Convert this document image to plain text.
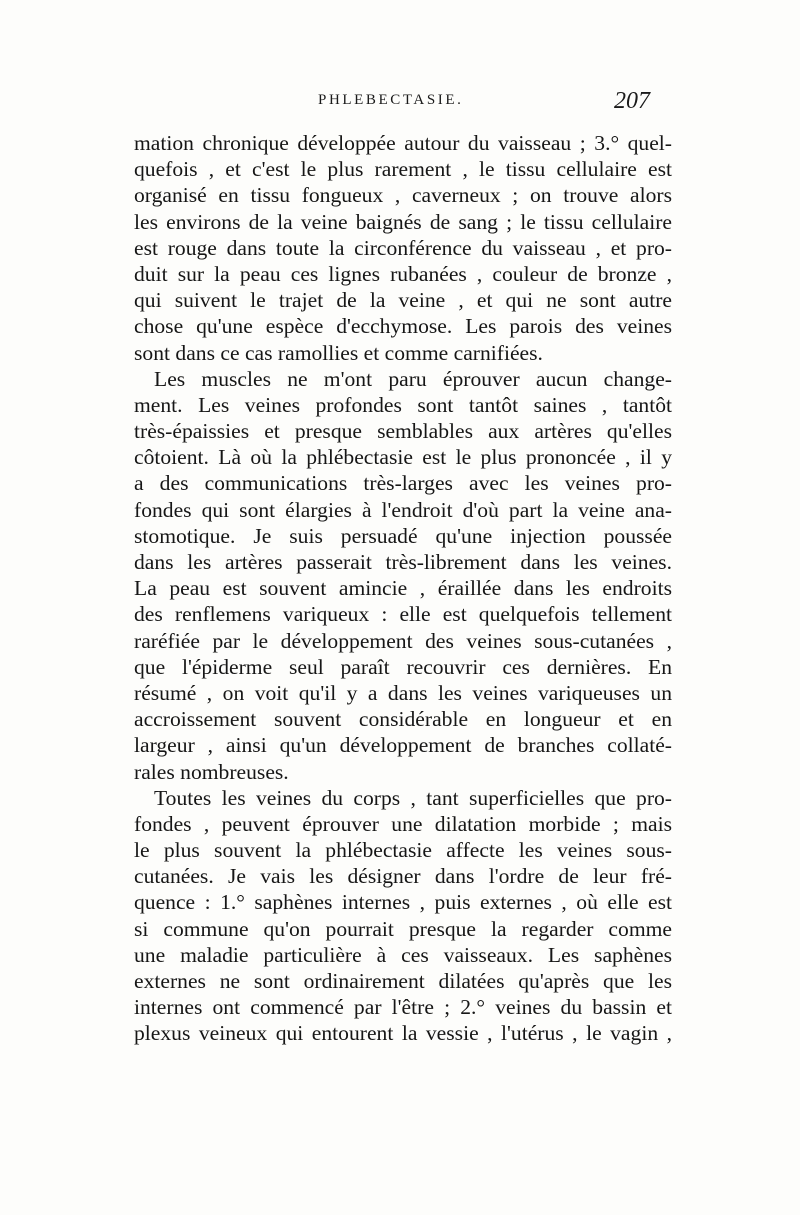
PHLEBECTASIE.	207
mation chronique développée autour du vaisseau ; 3.° quel-
quefois , et c'est le plus rarement , le tissu cellulaire est
organisé en tissu fongueux , caverneux ; on trouve alors
les environs de la veine baignés de sang ; le tissu cellulaire
est rouge dans toute la circonférence du vaisseau , et pro-
duit sur la peau ces lignes rubanées , couleur de bronze ,
qui suivent le trajet de la veine , et qui ne sont autre
chose qu'une espèce d'ecchymose. Les parois des veines
sont dans ce cas ramollies et comme carnifiées.
Les muscles ne m'ont paru éprouver aucun change-
ment. Les veines profondes sont tantôt saines , tantôt
très-épaissies et presque semblables aux artères qu'elles
côtoient. Là où la phlébectasie est le plus prononcée , il y
a des communications très-larges avec les veines pro-
fondes qui sont élargies à l'endroit d'où part la veine ana-
stomotique. Je suis persuadé qu'une injection poussée
dans les artères passerait très-librement dans les veines.
La peau est souvent amincie , éraillée dans les endroits
des renflemens variqueux : elle est quelquefois tellement
raréfiée par le développement des veines sous-cutanées ,
que l'épiderme seul paraît recouvrir ces dernières. En
résumé , on voit qu'il y a dans les veines variqueuses un
accroissement souvent considérable en longueur et en
largeur , ainsi qu'un développement de branches collaté-
rales nombreuses.
Toutes les veines du corps , tant superficielles que pro-
fondes , peuvent éprouver une dilatation morbide ; mais
le plus souvent la phlébectasie affecte les veines sous-
cutanées. Je vais les désigner dans l'ordre de leur fré-
quence : 1.° saphènes internes , puis externes , où elle est
si commune qu'on pourrait presque la regarder comme
une maladie particulière à ces vaisseaux. Les saphènes
externes ne sont ordinairement dilatées qu'après que les
internes ont commencé par l'être ; 2.° veines du bassin et
plexus veineux qui entourent la vessie , l'utérus , le vagin ,
